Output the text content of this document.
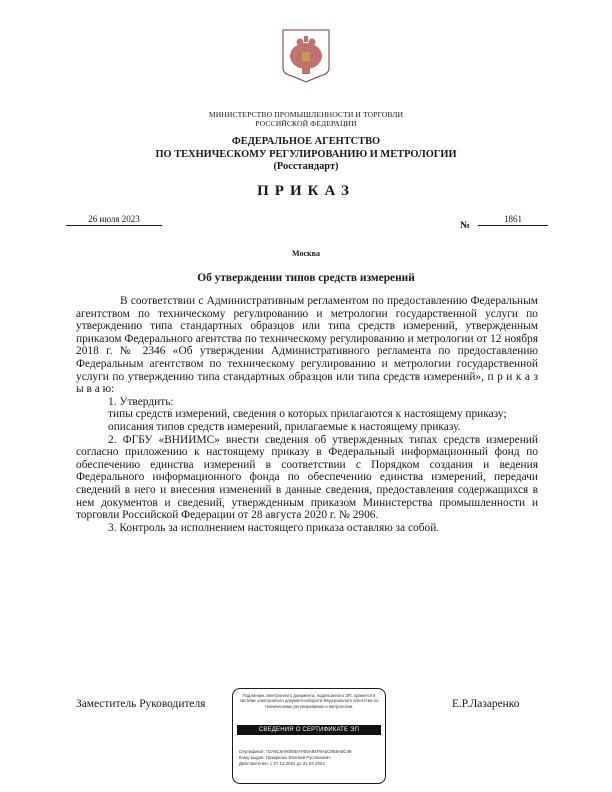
МИНИСТЕРСТВО ПРОМЫШЛЕННОСТИ И ТОРГОВЛИ
РОССИЙСКОЙ ФЕДЕРАЦИИ
ФЕДЕРАЛЬНОЕ АГЕНТСТВО
ПО ТЕХНИЧЕСКОМУ РЕГУЛИРОВАНИЮ И МЕТРОЛОГИИ
(Росстандарт)
ПРИКАЗ
26 июля 2023
№
1861
Москва
Об утверждении типов средств измерений

В соответствии с Административным регламентом по предоставлению Федеральным агентством по техническому регулированию и метрологии государственной услуги по утверждению типа стандартных образцов или типа средств измерений, утвержденным приказом Федерального агентства по техническому регулированию и метрологии от 12 ноября 2018 г. № 2346 «Об утверждении Административного регламента по предоставлению Федеральным агентством по техническому регулированию и метрологии государственной услуги по утверждению типа стандартных образцов или типа средств измерений», п р и к а з ы в а ю:

1. Утвердить:

типы средств измерений, сведения о которых прилагаются к настоящему приказу;

описания типов средств измерений, прилагаемые к настоящему приказу.

2. ФГБУ «ВНИИМС» внести сведения об утвержденных типах средств измерений согласно приложению к настоящему приказу в Федеральный информационный фонд по обеспечению единства измерений в соответствии с Порядком создания и ведения Федерального информационного фонда по обеспечению единства измерений, передачи сведений в него и внесения изменений в данные сведения, предоставления содержащихся в нем документов и сведений, утвержденным приказом Министерства промышленности и торговли Российской Федерации от 28 августа 2020 г. № 2906.

3. Контроль за исполнением настоящего приказа оставляю за собой.

Заместитель Руководителя
Подлинник электронного документа, подписанного ЭП, хранится в системе электронного документооборота Федерального агентства по техническому регулированию и метрологии.
СВЕДЕНИЯ О СЕРТИФИКАТЕ ЭП
Сертификат: 02A5C9A8000EAFB5A84F9A5C9E8A8C49
Кому выдан: Лазаренко Евгений Русланович
Действителен: с 27.12.2022 до 21.03.2024
Е.Р.Лазаренко
